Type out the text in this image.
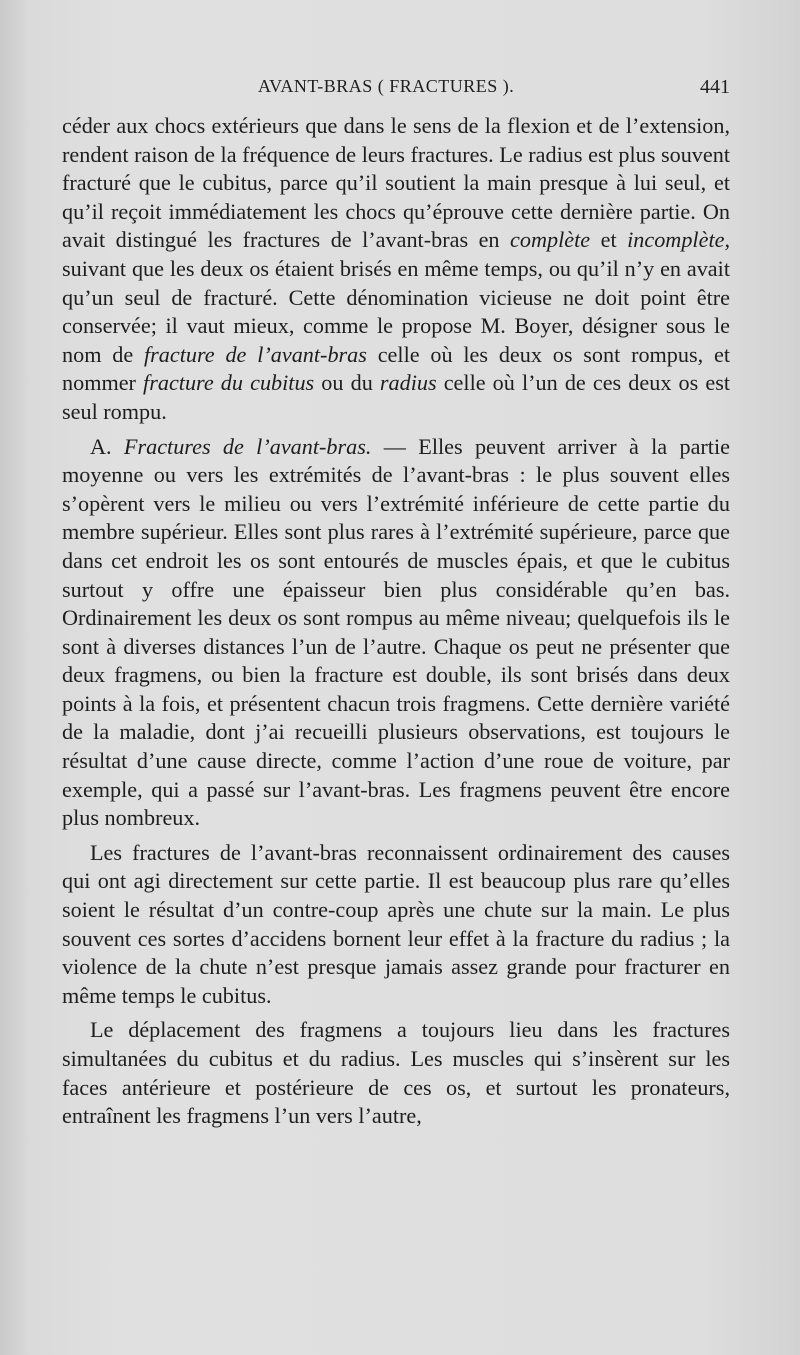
AVANT-BRAS ( FRACTURES ).	441

céder aux chocs extérieurs que dans le sens de la flexion et de l’extension, rendent raison de la fréquence de leurs fractures. Le radius est plus souvent fracturé que le cubitus, parce qu’il soutient la main presque à lui seul, et qu’il reçoit immédiatement les chocs qu’éprouve cette dernière partie. On avait distingué les fractures de l’avant-bras en complète et incomplète, suivant que les deux os étaient brisés en même temps, ou qu’il n’y en avait qu’un seul de fracturé. Cette dénomination vicieuse ne doit point être conservée; il vaut mieux, comme le propose M. Boyer, désigner sous le nom de fracture de l’avant-bras celle où les deux os sont rompus, et nommer fracture du cubitus ou du radius celle où l’un de ces deux os est seul rompu.

A. Fractures de l’avant-bras. — Elles peuvent arriver à la partie moyenne ou vers les extrémités de l’avant-bras : le plus souvent elles s’opèrent vers le milieu ou vers l’extrémité inférieure de cette partie du membre supérieur. Elles sont plus rares à l’extrémité supérieure, parce que dans cet endroit les os sont entourés de muscles épais, et que le cubitus surtout y offre une épaisseur bien plus considérable qu’en bas. Ordinairement les deux os sont rompus au même niveau; quelquefois ils le sont à diverses distances l’un de l’autre. Chaque os peut ne présenter que deux fragmens, ou bien la fracture est double, ils sont brisés dans deux points à la fois, et présentent chacun trois fragmens. Cette dernière variété de la maladie, dont j’ai recueilli plusieurs observations, est toujours le résultat d’une cause directe, comme l’action d’une roue de voiture, par exemple, qui a passé sur l’avant-bras. Les fragmens peuvent être encore plus nombreux.

Les fractures de l’avant-bras reconnaissent ordinairement des causes qui ont agi directement sur cette partie. Il est beaucoup plus rare qu’elles soient le résultat d’un contre-coup après une chute sur la main. Le plus souvent ces sortes d’accidens bornent leur effet à la fracture du radius ; la violence de la chute n’est presque jamais assez grande pour fracturer en même temps le cubitus.

Le déplacement des fragmens a toujours lieu dans les fractures simultanées du cubitus et du radius. Les muscles qui s’insèrent sur les faces antérieure et postérieure de ces os, et surtout les pronateurs, entraînent les fragmens l’un vers l’autre,
